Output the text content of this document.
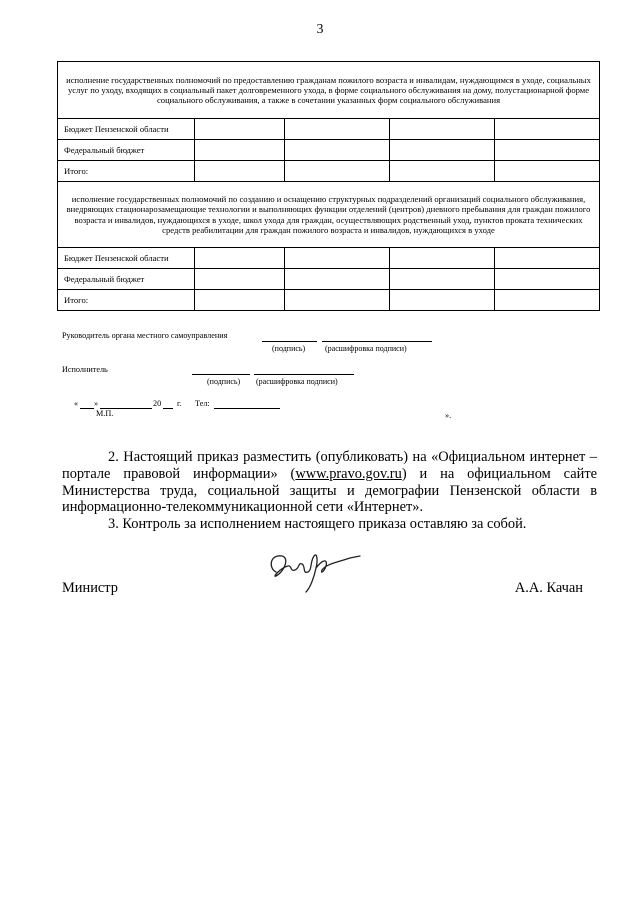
3
исполнение государственных полномочий по предоставлению гражданам пожилого возраста и инвалидам, нуждающимся в уходе, социальных услуг по уходу, входящих в социальный пакет долговременного ухода, в форме социального обслуживания на дому, полустационарной форме социального обслуживания, а также в сочетании указанных форм социального обслуживания				
Бюджет Пензенской области				
Федеральный бюджет				
Итого:				
исполнение государственных полномочий по созданию и оснащению структурных подразделений организаций социального обслуживания, внедряющих стационарозамещающие технологии и выполняющих функции отделений (центров) дневного пребывания для граждан пожилого возраста и инвалидов, нуждающихся в уходе, школ ухода для граждан, осуществляющих родственный уход, пунктов проката технических средств реабилитации для граждан пожилого возраста и инвалидов, нуждающихся в уходе				
Бюджет Пензенской области				
Федеральный бюджет				
Итого:				
Руководитель органа местного самоуправления
(подпись) (расшифровка подписи)
Исполнитель
(подпись) (расшифровка подписи)
« »	20 г. Тел:
М.П.	».

2. Настоящий приказ разместить (опубликовать) на «Официальном интернет – портале правовой информации» (www.pravo.gov.ru) и на официальном сайте Министерства труда, социальной защиты и демографии Пензенской области в информационно-телекоммуникационной сети «Интернет».

3. Контроль за исполнением настоящего приказа оставляю за собой.

Министр	А.А. Качан
